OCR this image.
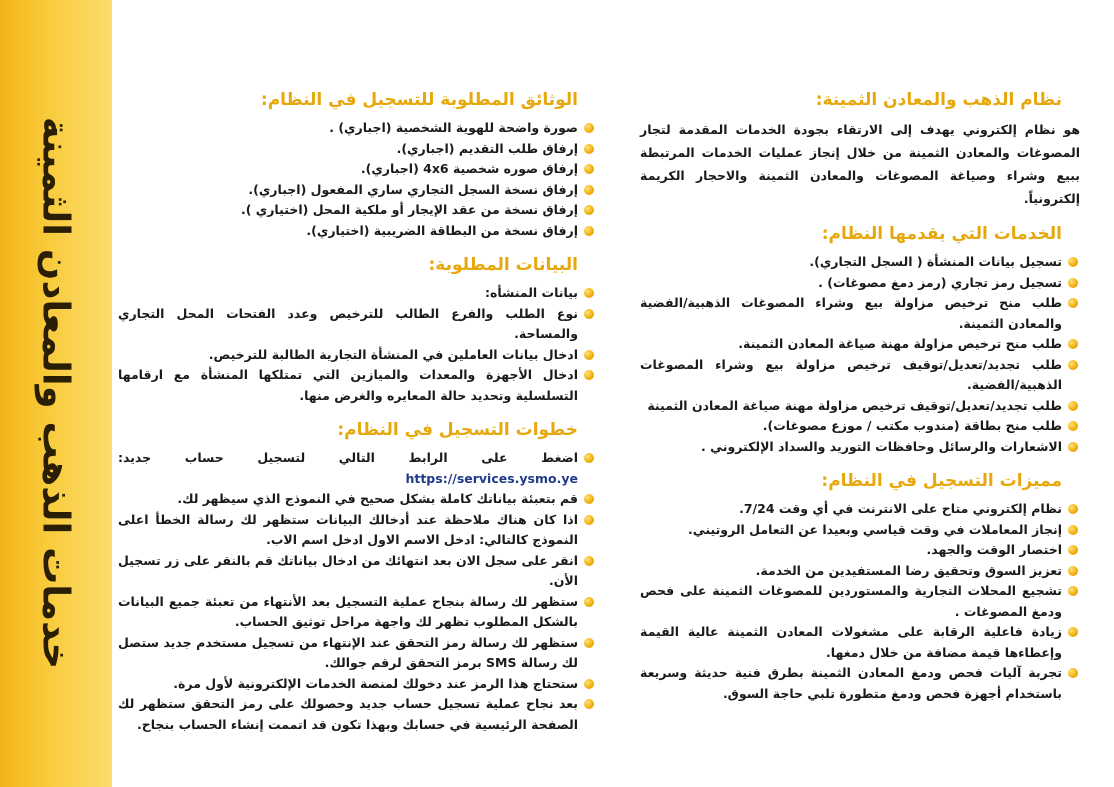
خدمات الذهب والمعادن الثمينة
نظام الذهب والمعادن الثمينة:

هو نظام إلكتروني يهدف إلى الارتقاء بجودة الخدمات المقدمة لتجار المصوغات والمعادن الثمينة من خلال إنجاز عمليات الخدمات المرتبطة ببيع وشراء وصياغة المصوغات والمعادن الثمينة والاحجار الكريمة إلكترونياً.

الخدمات التي يقدمها النظام:
تسجيل بيانات المنشأة ( السجل التجاري).
تسجيل رمز تجاري (رمز دمغ مصوغات) .
طلب منح ترخيص مزاولة بيع وشراء المصوغات الذهبية/الفضية والمعادن الثمينة.
طلب منح ترخيص مزاولة مهنة صياغة المعادن الثمينة.
طلب تجديد/تعديل/توقيف ترخيص مزاولة بيع وشراء المصوغات الذهبية/الفضية.
طلب تجديد/تعديل/توقيف ترخيص مزاولة مهنة صياغة المعادن الثمينة
طلب منح بطاقة (مندوب مكتب / موزع مصوغات).
الاشعارات والرسائل وحافظات التوريد والسداد الإلكتروني .
مميزات التسجيل في النظام:
نظام إلكتروني متاح على الانترنت في أي وقت 7/24.
إنجاز المعاملات في وقت قياسي وبعيدا عن التعامل الروتيني.
اختصار الوقت والجهد.
تعزيز السوق وتحقيق رضا المستفيدين من الخدمة.
تشجيع المحلات التجارية والمستوردين للمصوغات الثمينة على فحص ودمغ المصوغات .
زيادة فاعلية الرقابة على مشغولات المعادن الثمينة عالية القيمة وإعطاءها قيمة مضافة من خلال دمغها.
تجربة آليات فحص ودمغ المعادن الثمينة بطرق فنية حديثة وسريعة باستخدام أجهزة فحص ودمغ متطورة تلبي حاجة السوق.
الوثائق المطلوبة للتسجيل في النظام:
صورة واضحة للهوية الشخصية (اجباري) .
إرفاق طلب التقديم (اجباري).
إرفاق صوره شخصية 4x6 (اجباري).
إرفاق نسخة السجل التجاري ساري المفعول (اجباري).
إرفاق نسخة من عقد الإيجار أو ملكية المحل (اختياري ).
إرفاق نسخة من البطاقة الضريبية (اختياري).
البيانات المطلوبة:
بيانات المنشأه:
نوع الطلب والفرع الطالب للترخيص وعدد الفتحات المحل التجاري والمساحة.
ادخال بيانات العاملين في المنشأة التجارية الطالبة للترخيص.
ادخال الأجهزة والمعدات والميازين التي تمتلكها المنشأة مع ارقامها التسلسلية وتحديد حالة المعايره والغرض منها.
خطوات التسجيل في النظام:
اضغط على الرابط التالي لتسجيل حساب جديد: https://services.ysmo.ye
قم بتعبئة بياناتك كاملة بشكل صحيح في النموذج الذي سيظهر لك.
اذا كان هناك ملاحظة عند أدخالك البيانات ستظهر لك رسالة الخطأ اعلى النموذج كالتالي: ادخل الاسم الاول ادخل اسم الاب.
انقر على سجل الان بعد انتهائك من ادخال بياناتك قم بالنقر على زر تسجيل الأن.
ستظهر لك رسالة بنجاح عملية التسجيل بعد الأنتهاء من تعبئة جميع البيانات بالشكل المطلوب تظهر لك واجهة مراحل توثيق الحساب.
ستظهر لك رسالة رمز التحقق عند الإنتهاء من تسجيل مستخدم جديد ستصل لك رسالة SMS برمز التحقق لرقم جوالك.
ستحتاج هذا الرمز عند دخولك لمنصة الخدمات الإلكترونية لأول مرة.
بعد نجاح عملية تسجيل حساب جديد وحصولك على رمز التحقق ستظهر لك الصفحة الرئيسية في حسابك وبهذا تكون قد اتممت إنشاء الحساب بنجاح.
